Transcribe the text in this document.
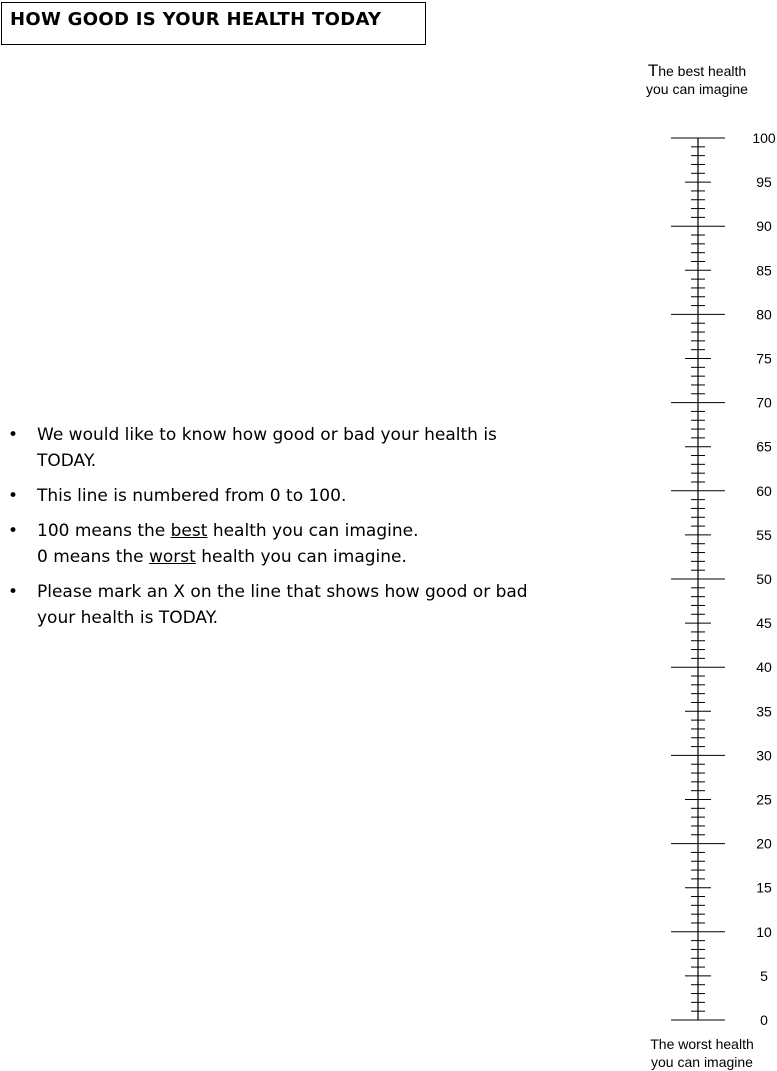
HOW GOOD IS YOUR HEALTH TODAY
•	We would like to know how good or bad your health is TODAY.
•	This line is numbered from 0 to 100.
•	100 means the best health you can imagine.
0 means the worst health you can imagine.
•	Please mark an X on the line that shows how good or bad your health is TODAY.
The best health
you can imagine
100
95
90
85
80
75
70
65
60
55
50
45
40
35
30
25
20
15
10
5
0
The worst health
you can imagine
